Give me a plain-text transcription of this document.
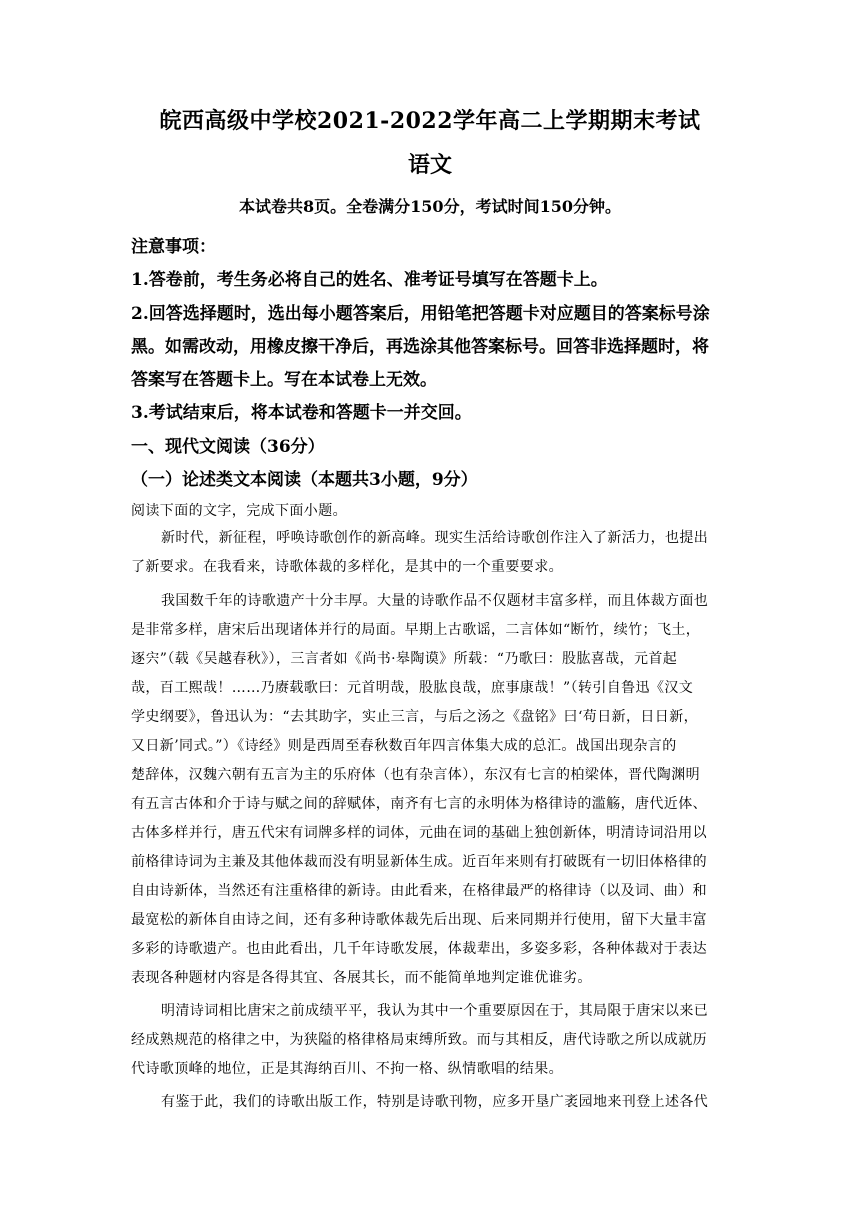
皖西高级中学校2021-2022学年高二上学期期末考试
语文
本试卷共8页。全卷满分150分，考试时间150分钟。
注意事项：
1.答卷前，考生务必将自己的姓名、准考证号填写在答题卡上。
2.回答选择题时，选出每小题答案后，用铅笔把答题卡对应题目的答案标号涂
黑。如需改动，用橡皮擦干净后，再选涂其他答案标号。回答非选择题时，将
答案写在答题卡上。写在本试卷上无效。
3.考试结束后，将本试卷和答题卡一并交回。
一、现代文阅读（36分）
（一）论述类文本阅读（本题共3小题，9分）
阅读下面的文字，完成下面小题。
新时代，新征程，呼唤诗歌创作的新高峰。现实生活给诗歌创作注入了新活力，也提出
了新要求。在我看来，诗歌体裁的多样化，是其中的一个重要要求。
我国数千年的诗歌遗产十分丰厚。大量的诗歌作品不仅题材丰富多样，而且体裁方面也
是非常多样，唐宋后出现诸体并行的局面。早期上古歌谣，二言体如“断竹，续竹；飞土，
逐宍”（载《吴越春秋》），三言者如《尚书·皋陶谟》所载：“乃歌曰：股肱喜哉，元首起
哉，百工熙哉！……乃赓载歌曰：元首明哉，股肱良哉，庶事康哉！”（转引自鲁迅《汉文
学史纲要》，鲁迅认为：“去其助字，实止三言，与后之汤之《盘铭》曰‘苟日新，日日新，
又日新’同式。”）《诗经》则是西周至春秋数百年四言体集大成的总汇。战国出现杂言的
楚辞体，汉魏六朝有五言为主的乐府体（也有杂言体），东汉有七言的柏梁体，晋代陶渊明
有五言古体和介于诗与赋之间的辞赋体，南齐有七言的永明体为格律诗的滥觞，唐代近体、
古体多样并行，唐五代宋有词牌多样的词体，元曲在词的基础上独创新体，明清诗词沿用以
前格律诗词为主兼及其他体裁而没有明显新体生成。近百年来则有打破既有一切旧体格律的
自由诗新体，当然还有注重格律的新诗。由此看来，在格律最严的格律诗（以及词、曲）和
最宽松的新体自由诗之间，还有多种诗歌体裁先后出现、后来同期并行使用，留下大量丰富
多彩的诗歌遗产。也由此看出，几千年诗歌发展，体裁辈出，多姿多彩，各种体裁对于表达
表现各种题材内容是各得其宜、各展其长，而不能简单地判定谁优谁劣。
明清诗词相比唐宋之前成绩平平，我认为其中一个重要原因在于，其局限于唐宋以来已
经成熟规范的格律之中，为狭隘的格律格局束缚所致。而与其相反，唐代诗歌之所以成就历
代诗歌顶峰的地位，正是其海纳百川、不拘一格、纵情歌唱的结果。
有鉴于此，我们的诗歌出版工作，特别是诗歌刊物，应多开垦广袤园地来刊登上述各代
